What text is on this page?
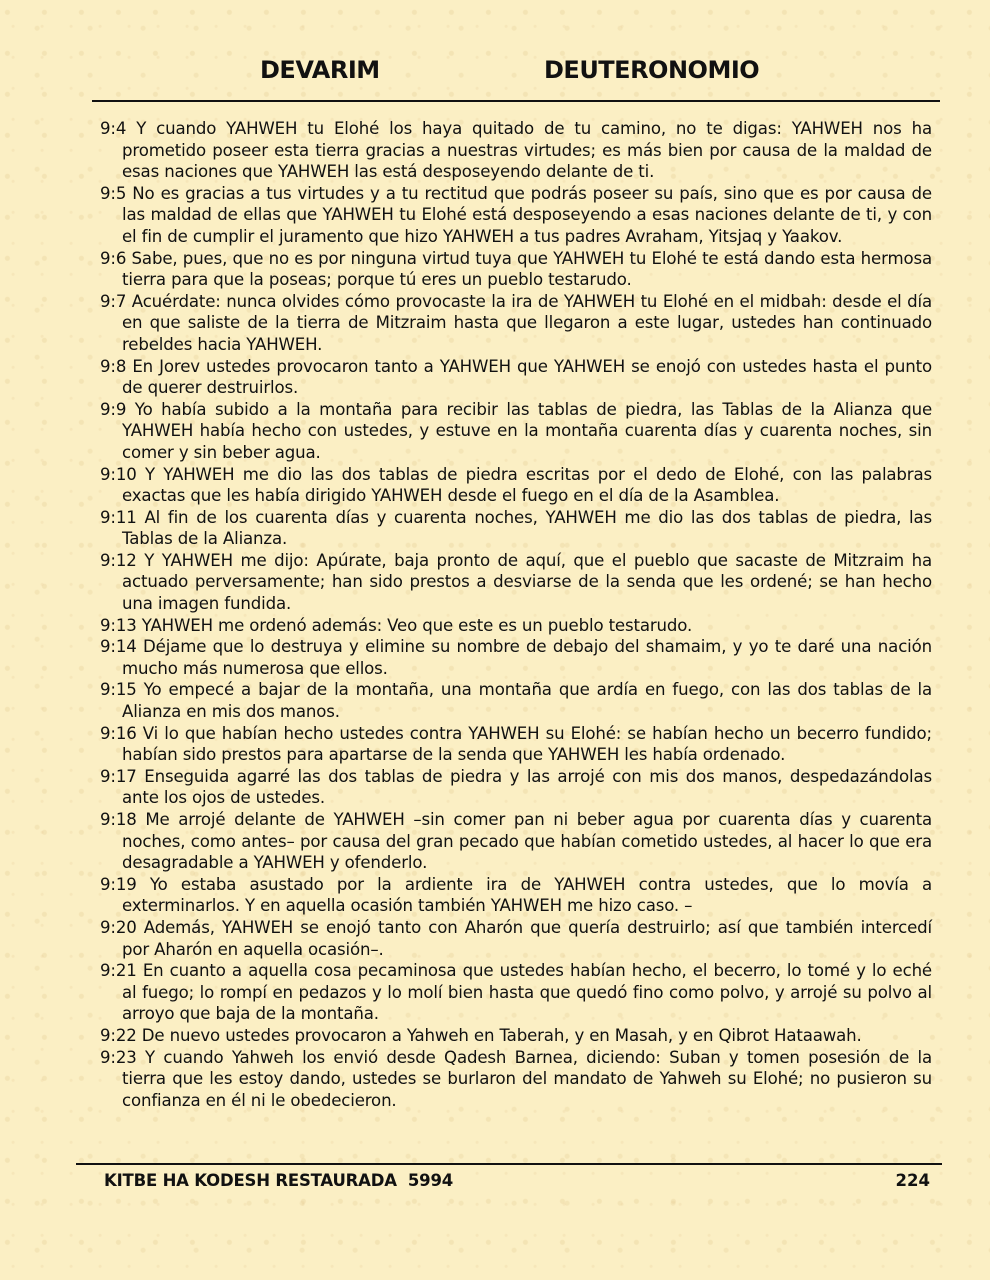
DEVARIM	DEUTERONOMIO

9:4 Y cuando YAHWEH tu Elohé los haya quitado de tu camino, no te digas: YAHWEH nos ha prometido poseer esta tierra gracias a nuestras virtudes; es más bien por causa de la maldad de esas naciones que YAHWEH las está desposeyendo delante de ti.

9:5 No es gracias a tus virtudes y a tu rectitud que podrás poseer su país, sino que es por causa de las maldad de ellas que YAHWEH tu Elohé está desposeyendo a esas naciones delante de ti, y con el fin de cumplir el juramento que hizo YAHWEH a tus padres Avraham, Yitsjaq y Yaakov.

9:6 Sabe, pues, que no es por ninguna virtud tuya que YAHWEH tu Elohé te está dando esta hermosa tierra para que la poseas; porque tú eres un pueblo testarudo.

9:7 Acuérdate: nunca olvides cómo provocaste la ira de YAHWEH tu Elohé en el midbah: desde el día en que saliste de la tierra de Mitzraim hasta que llegaron a este lugar, ustedes han continuado rebeldes hacia YAHWEH.

9:8 En Jorev ustedes provocaron tanto a YAHWEH que YAHWEH se enojó con ustedes hasta el punto de querer destruirlos.

9:9 Yo había subido a la montaña para recibir las tablas de piedra, las Tablas de la Alianza que YAHWEH había hecho con ustedes, y estuve en la montaña cuarenta días y cuarenta noches, sin comer y sin beber agua.

9:10 Y YAHWEH me dio las dos tablas de piedra escritas por el dedo de Elohé, con las palabras exactas que les había dirigido YAHWEH desde el fuego en el día de la Asamblea.

9:11 Al fin de los cuarenta días y cuarenta noches, YAHWEH me dio las dos tablas de piedra, las Tablas de la Alianza.

9:12 Y YAHWEH me dijo: Apúrate, baja pronto de aquí, que el pueblo que sacaste de Mitzraim ha actuado perversamente; han sido prestos a desviarse de la senda que les ordené; se han hecho una imagen fundida.

9:13 YAHWEH me ordenó además: Veo que este es un pueblo testarudo.

9:14 Déjame que lo destruya y elimine su nombre de debajo del shamaim, y yo te daré una nación mucho más numerosa que ellos.

9:15 Yo empecé a bajar de la montaña, una montaña que ardía en fuego, con las dos tablas de la Alianza en mis dos manos.

9:16 Vi lo que habían hecho ustedes contra YAHWEH su Elohé: se habían hecho un becerro fundido; habían sido prestos para apartarse de la senda que YAHWEH les había ordenado.

9:17 Enseguida agarré las dos tablas de piedra y las arrojé con mis dos manos, despedazándolas ante los ojos de ustedes.

9:18 Me arrojé delante de YAHWEH –sin comer pan ni beber agua por cuarenta días y cuarenta noches, como antes– por causa del gran pecado que habían cometido ustedes, al hacer lo que era desagradable a YAHWEH y ofenderlo.

9:19 Yo estaba asustado por la ardiente ira de YAHWEH contra ustedes, que lo movía a exterminarlos. Y en aquella ocasión también YAHWEH me hizo caso. –

9:20 Además, YAHWEH se enojó tanto con Aharón que quería destruirlo; así que también intercedí por Aharón en aquella ocasión–.

9:21 En cuanto a aquella cosa pecaminosa que ustedes habían hecho, el becerro, lo tomé y lo eché al fuego; lo rompí en pedazos y lo molí bien hasta que quedó fino como polvo, y arrojé su polvo al arroyo que baja de la montaña.

9:22 De nuevo ustedes provocaron a Yahweh en Taberah, y en Masah, y en Qibrot Hataawah.

9:23 Y cuando Yahweh los envió desde Qadesh Barnea, diciendo: Suban y tomen posesión de la tierra que les estoy dando, ustedes se burlaron del mandato de Yahweh su Elohé; no pusieron su confianza en él ni le obedecieron.

KITBE HA KODESH RESTAURADA  5994	224
